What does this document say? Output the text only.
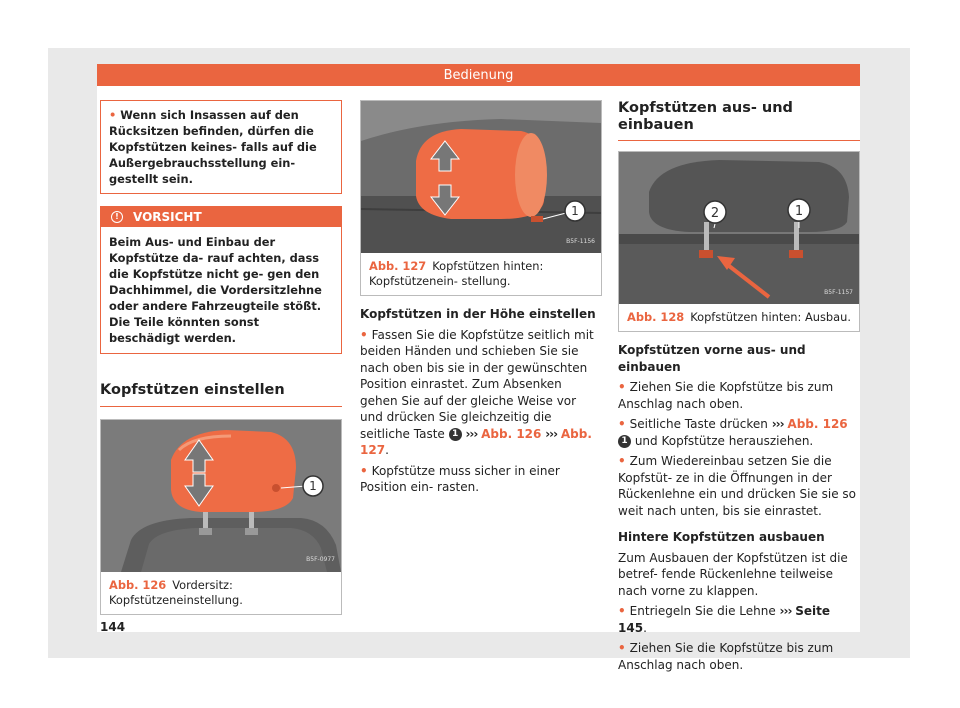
Bedienung
• Wenn sich Insassen auf den Rücksitzen befinden, dürfen die Kopfstützen keines- falls auf die Außergebrauchsstellung ein- gestellt sein.
!	VORSICHT
Beim Aus- und Einbau der Kopfstütze da- rauf achten, dass die Kopfstütze nicht ge- gen den Dachhimmel, die Vordersitzlehne oder andere Fahrzeugteile stößt. Die Teile könnten sonst beschädigt werden.
Kopfstützen einstellen
1
B5F-0977
Abb. 126 Vordersitz: Kopfstützeneinstellung.
1
B5F-1156
Abb. 127 Kopfstützen hinten: Kopfstützenein- stellung.
Kopfstützen in der Höhe einstellen
• Fassen Sie die Kopfstütze seitlich mit beiden Händen und schieben Sie sie nach oben bis sie in der gewünschten Position einrastet. Zum Absenken gehen Sie auf der gleiche Weise vor und drücken Sie gleichzeitig die seitliche Taste 1 ››› Abb. 126 ››› Abb. 127.
• Kopfstütze muss sicher in einer Position ein- rasten.
Kopfstützen aus- und einbauen
2	1
B5F-1157
Abb. 128 Kopfstützen hinten: Ausbau.
Kopfstützen vorne aus- und einbauen
• Ziehen Sie die Kopfstütze bis zum Anschlag nach oben.
• Seitliche Taste drücken ››› Abb. 126 1 und Kopfstütze herausziehen.
• Zum Wiedereinbau setzen Sie die Kopfstüt- ze in die Öffnungen in der Rückenlehne ein und drücken Sie sie so weit nach unten, bis sie einrastet.
Hintere Kopfstützen ausbauen

Zum Ausbauen der Kopfstützen ist die betref- fende Rückenlehne teilweise nach vorne zu klappen.

• Entriegeln Sie die Lehne ››› Seite 145.
• Ziehen Sie die Kopfstütze bis zum Anschlag nach oben.
144
